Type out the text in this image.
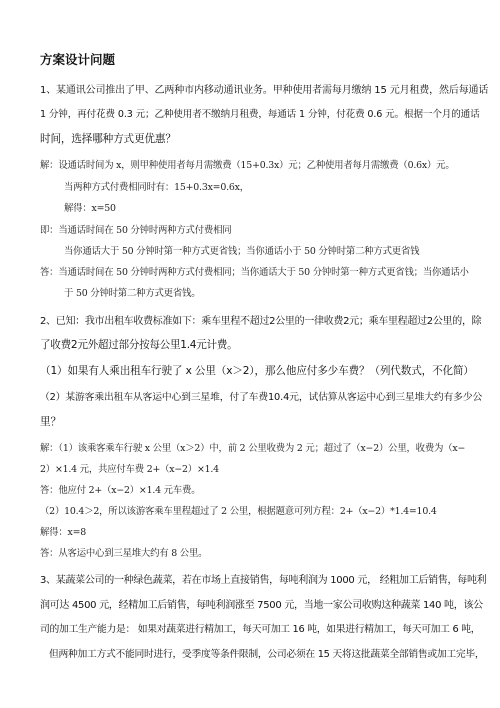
方案设计问题
1、某通讯公司推出了甲、乙两种市内移动通讯业务。甲种使用者需每月缴纳 15 元月租费，然后每通话
1 分钟，再付花费 0.3 元；乙种使用者不缴纳月租费，每通话 1 分钟，付花费 0.6 元。根据一个月的通话
时间，选择哪种方式更优惠？
解：设通话时间为 x，则甲种使用者每月需缴费（15+0.3x）元；乙种使用者每月需缴费（0.6x）元。
当两种方式付费相同时有：15+0.3x=0.6x，
解得：x=50
即：当通话时间在 50 分钟时两种方式付费相同
当你通话大于 50 分钟时第一种方式更省钱；当你通话小于 50 分钟时第二种方式更省钱
答：当通话时间在 50 分钟时两种方式付费相同；当你通话大于 50 分钟时第一种方式更省钱；当你通话小
于 50 分钟时第二种方式更省钱。
2、已知：我市出租车收费标准如下：乘车里程不超过2公里的一律收费2元；乘车里程超过2公里的，除
了收费2元外超过部分按每公里1.4元计费。
（1）如果有人乘出租车行驶了 x 公里（x＞2），那么他应付多少车费？（列代数式，不化简）
（2）某游客乘出租车从客运中心到三星堆，付了车费10.4元，试估算从客运中心到三星堆大约有多少公
里？
解：（1）该乘客乘车行驶 x 公里（x＞2）中，前 2 公里收费为 2 元；超过了（x−2）公里，收费为（x−
2）×1.4 元，共应付车费 2+（x−2）×1.4
答：他应付 2+（x−2）×1.4 元车费。
（2）10.4＞2，所以该游客乘车里程超过了 2 公里，根据题意可列方程：2+（x−2）*1.4=10.4
解得：x=8
答：从客运中心到三星堆大约有 8 公里。
3、某蔬菜公司的一种绿色蔬菜，若在市场上直接销售，每吨利润为 1000 元， 经粗加工后销售，每吨利
润可达 4500 元，经精加工后销售，每吨利润涨至 7500 元，当地一家公司收购这种蔬菜 140 吨，该公
司的加工生产能力是： 如果对蔬菜进行精加工，每天可加工 16 吨，如果进行精加工，每天可加工 6 吨，
但两种加工方式不能同时进行，受季度等条件限制，公司必须在 15 天将这批蔬菜全部销售或加工完毕，
